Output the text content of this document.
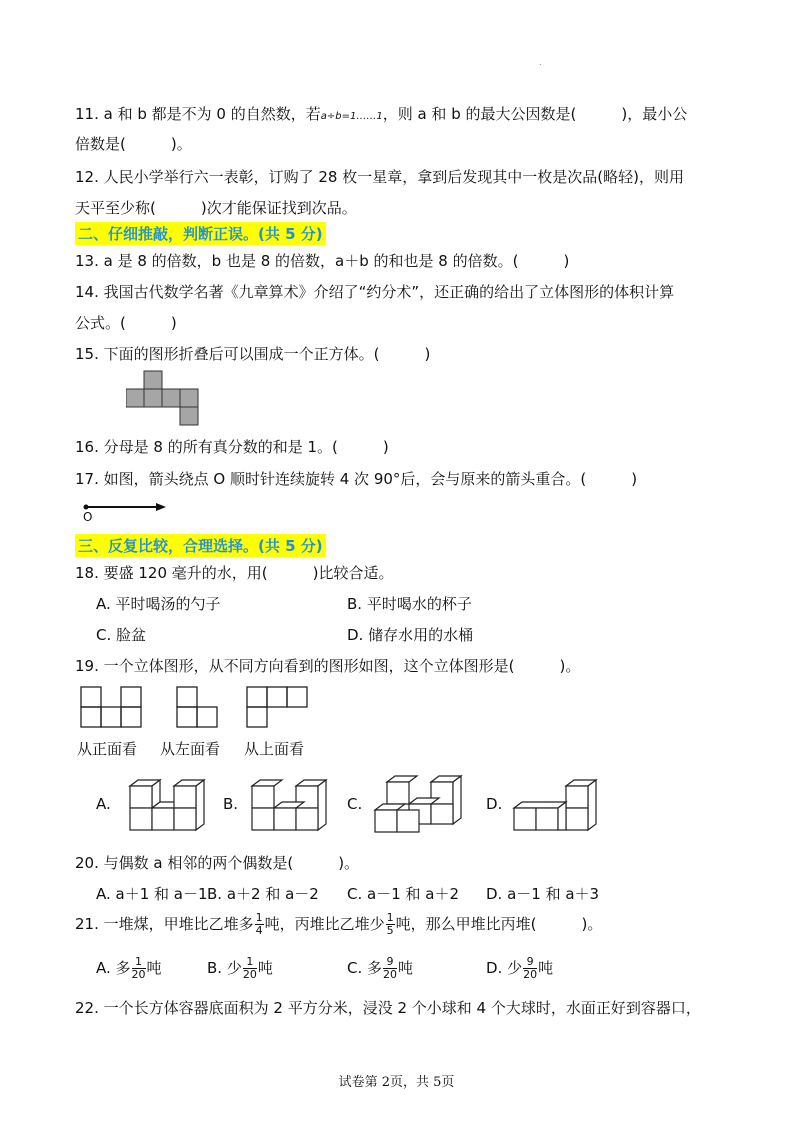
.
11. a 和 b 都是不为 0 的自然数，若a÷b=1……1，则 a 和 b 的最大公因数是(　　　)，最小公
倍数是(　　　)。
12. 人民小学举行六一表彰，订购了 28 枚一星章，拿到后发现其中一枚是次品(略轻)，则用
天平至少称(　　　)次才能保证找到次品。
二、仔细推敲，判断正误。(共 5 分)
13. a 是 8 的倍数，b 也是 8 的倍数，a＋b 的和也是 8 的倍数。(　　　)
14. 我国古代数学名著《九章算术》介绍了“约分术”，还正确的给出了立体图形的体积计算
公式。(　　　)
15. 下面的图形折叠后可以围成一个正方体。(　　　)
16. 分母是 8 的所有真分数的和是 1。(　　　)
17. 如图，箭头绕点 O 顺时针连续旋转 4 次 90°后，会与原来的箭头重合。(　　　)
O
三、反复比较，合理选择。(共 5 分)
18. 要盛 120 毫升的水，用(　　　)比较合适。
A. 平时喝汤的勺子	B. 平时喝水的杯子
C. 脸盆	D. 储存水用的水桶
19. 一个立体图形，从不同方向看到的图形如图，这个立体图形是(　　　)。
从正面看 从左面看 从上面看
A.	B.	C.	D.
20. 与偶数 a 相邻的两个偶数是(　　　)。
A. a＋1 和 a－1 B. a＋2 和 a－2 C. a－1 和 a＋2 D. a－1 和 a＋3
21. 一堆煤，甲堆比乙堆多 $\frac{1}{4}$ 吨，丙堆比乙堆少 $\frac{1}{5}$ 吨，那么甲堆比丙堆(　　　)。
A. 多 $\frac{1}{20}$ 吨	B. 少 $\frac{1}{20}$ 吨	C. 多 $\frac{9}{20}$ 吨	D. 少 $\frac{9}{20}$ 吨
22. 一个长方体容器底面积为 2 平方分米，浸没 2 个小球和 4 个大球时，水面正好到容器口，
试卷第 2页，共 5页
